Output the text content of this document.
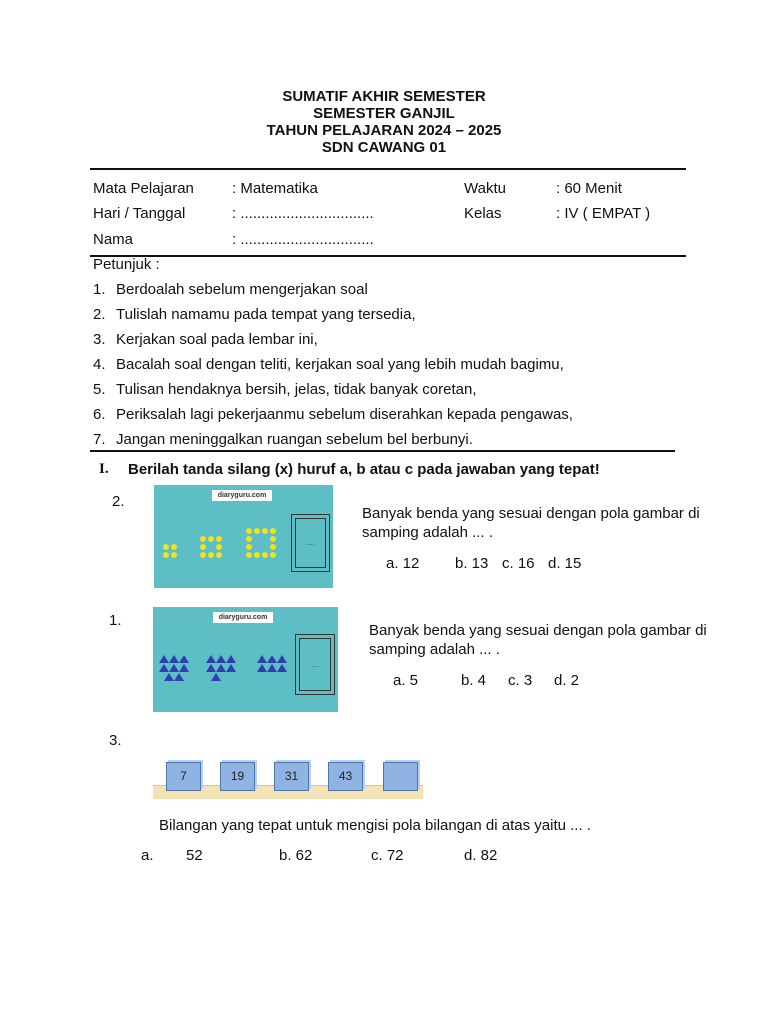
SUMATIF AKHIR SEMESTER
SEMESTER GANJIL
TAHUN PELAJARAN 2024 – 2025
SDN CAWANG 01
Mata Pelajaran	: Matematika
Hari / Tanggal	: ................................
Nama	: ................................
Waktu	: 60 Menit
Kelas	: IV ( EMPAT )
Petunjuk :
1. Berdoalah sebelum mengerjakan soal
2. Tulislah namamu pada tempat yang tersedia,
3. Kerjakan soal pada lembar ini,
4. Bacalah soal dengan teliti, kerjakan soal yang lebih mudah bagimu,
5. Tulisan hendaknya bersih, jelas, tidak banyak coretan,
6. Periksalah lagi pekerjaanmu sebelum diserahkan kepada pengawas,
7. Jangan meninggalkan ruangan sebelum bel berbunyi.
I. Berilah tanda silang (x) huruf a, b atau c pada jawaban yang tepat!
2.	diaryguru.com
....
Banyak benda yang sesuai dengan pola gambar di
samping adalah ... .
a. 12 b. 13 c. 16 d. 15
1.	diaryguru.com
....
Banyak benda yang sesuai dengan pola gambar di
samping adalah ... .
a. 5	b. 4 c. 3 d. 2
3.
7	19	31	43
Bilangan yang tepat untuk mengisi pola bilangan di atas yaitu ... .
a. 52	b. 62	c. 72	d. 82
